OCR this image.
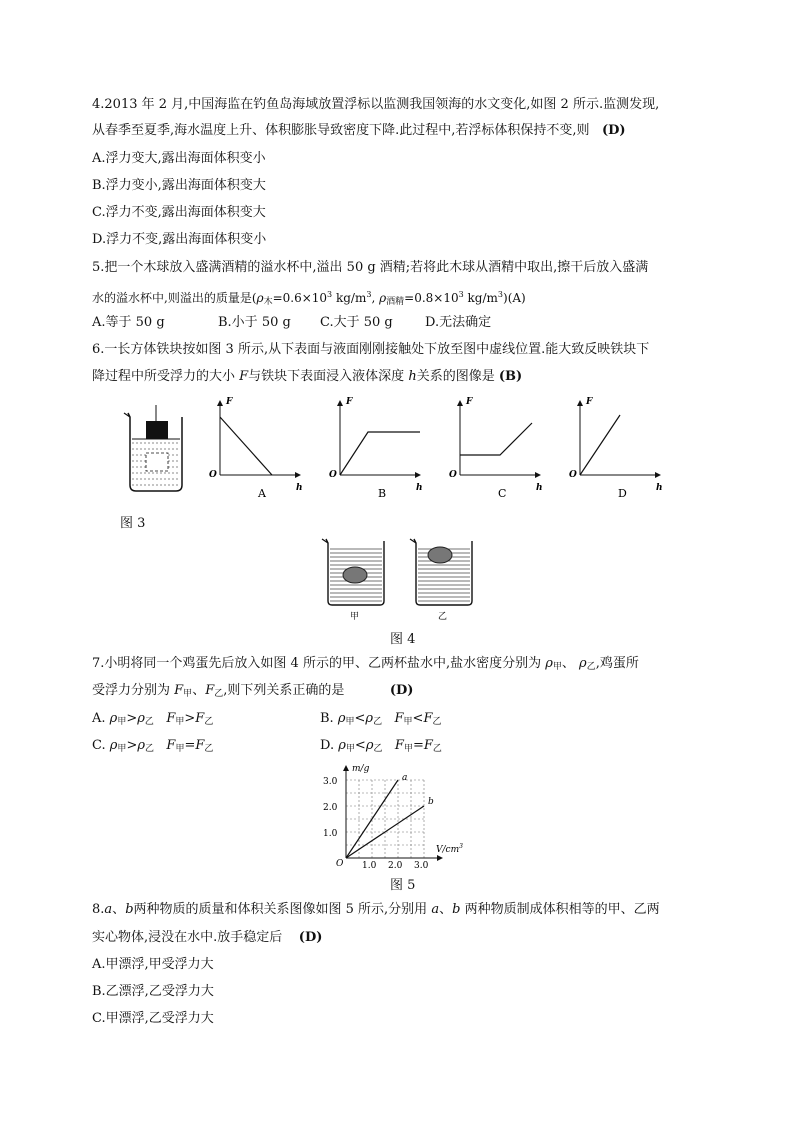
4.2013 年 2 月,中国海监在钓鱼岛海域放置浮标以监测我国领海的水文变化,如图 2 所示.监测发现,
从春季至夏季,海水温度上升、体积膨胀导致密度下降.此过程中,若浮标体积保持不变,则 (D)
A.浮力变大,露出海面体积变小
B.浮力变小,露出海面体积变大
C.浮力不变,露出海面体积变大
D.浮力不变,露出海面体积变小
5.把一个木球放入盛满酒精的溢水杯中,溢出 50 g 酒精;若将此木球从酒精中取出,擦干后放入盛满
水的溢水杯中,则溢出的质量是($\rho_木=0.6\times 10^3$ $kg/m^3$, $\rho_{酒精}=0.8\times 10^3$ $kg/m^3)(A)$
A.等于 50 g	B.小于 50 g C.大于 50 g D.无法确定
6.一长方体铁块按如图 3 所示,从下表面与液面刚刚接触处下放至图中虚线位置.能大致反映铁块下
降过程中所受浮力的大小 F与铁块下表面浸入液体深度 h关系的图像是 (B)
F
O
h
A
F
O
h
B
F
O
h
C
F
O
h
D
图 3
甲	乙
图 4
7.小明将同一个鸡蛋先后放入如图 4 所示的甲、乙两杯盐水中,盐水密度分别为 $\rho_甲$、 $\rho_乙$,鸡蛋所
受浮力分别为 $F_甲$、$F_乙$,则下列关系正确的是	(D)
A. $\rho_甲>\rho_乙$ $F_甲>F_乙$	B. $\rho_甲<\rho_乙$ $F_甲<F_乙$
C. $\rho_甲>\rho_乙$ $F_甲=F_乙$	D. $\rho_甲<\rho_乙$ $F_甲=F_乙$
m/g
$V/cm^3$
O
3.0
2.0
1.0
1.0 2.0 3.0
a
b
图 5
8.a、b两种物质的质量和体积关系图像如图 5 所示,分别用 a、b 两种物质制成体积相等的甲、乙两
实心物体,浸没在水中.放手稳定后 (D)
A.甲漂浮,甲受浮力大
B.乙漂浮,乙受浮力大
C.甲漂浮,乙受浮力大
